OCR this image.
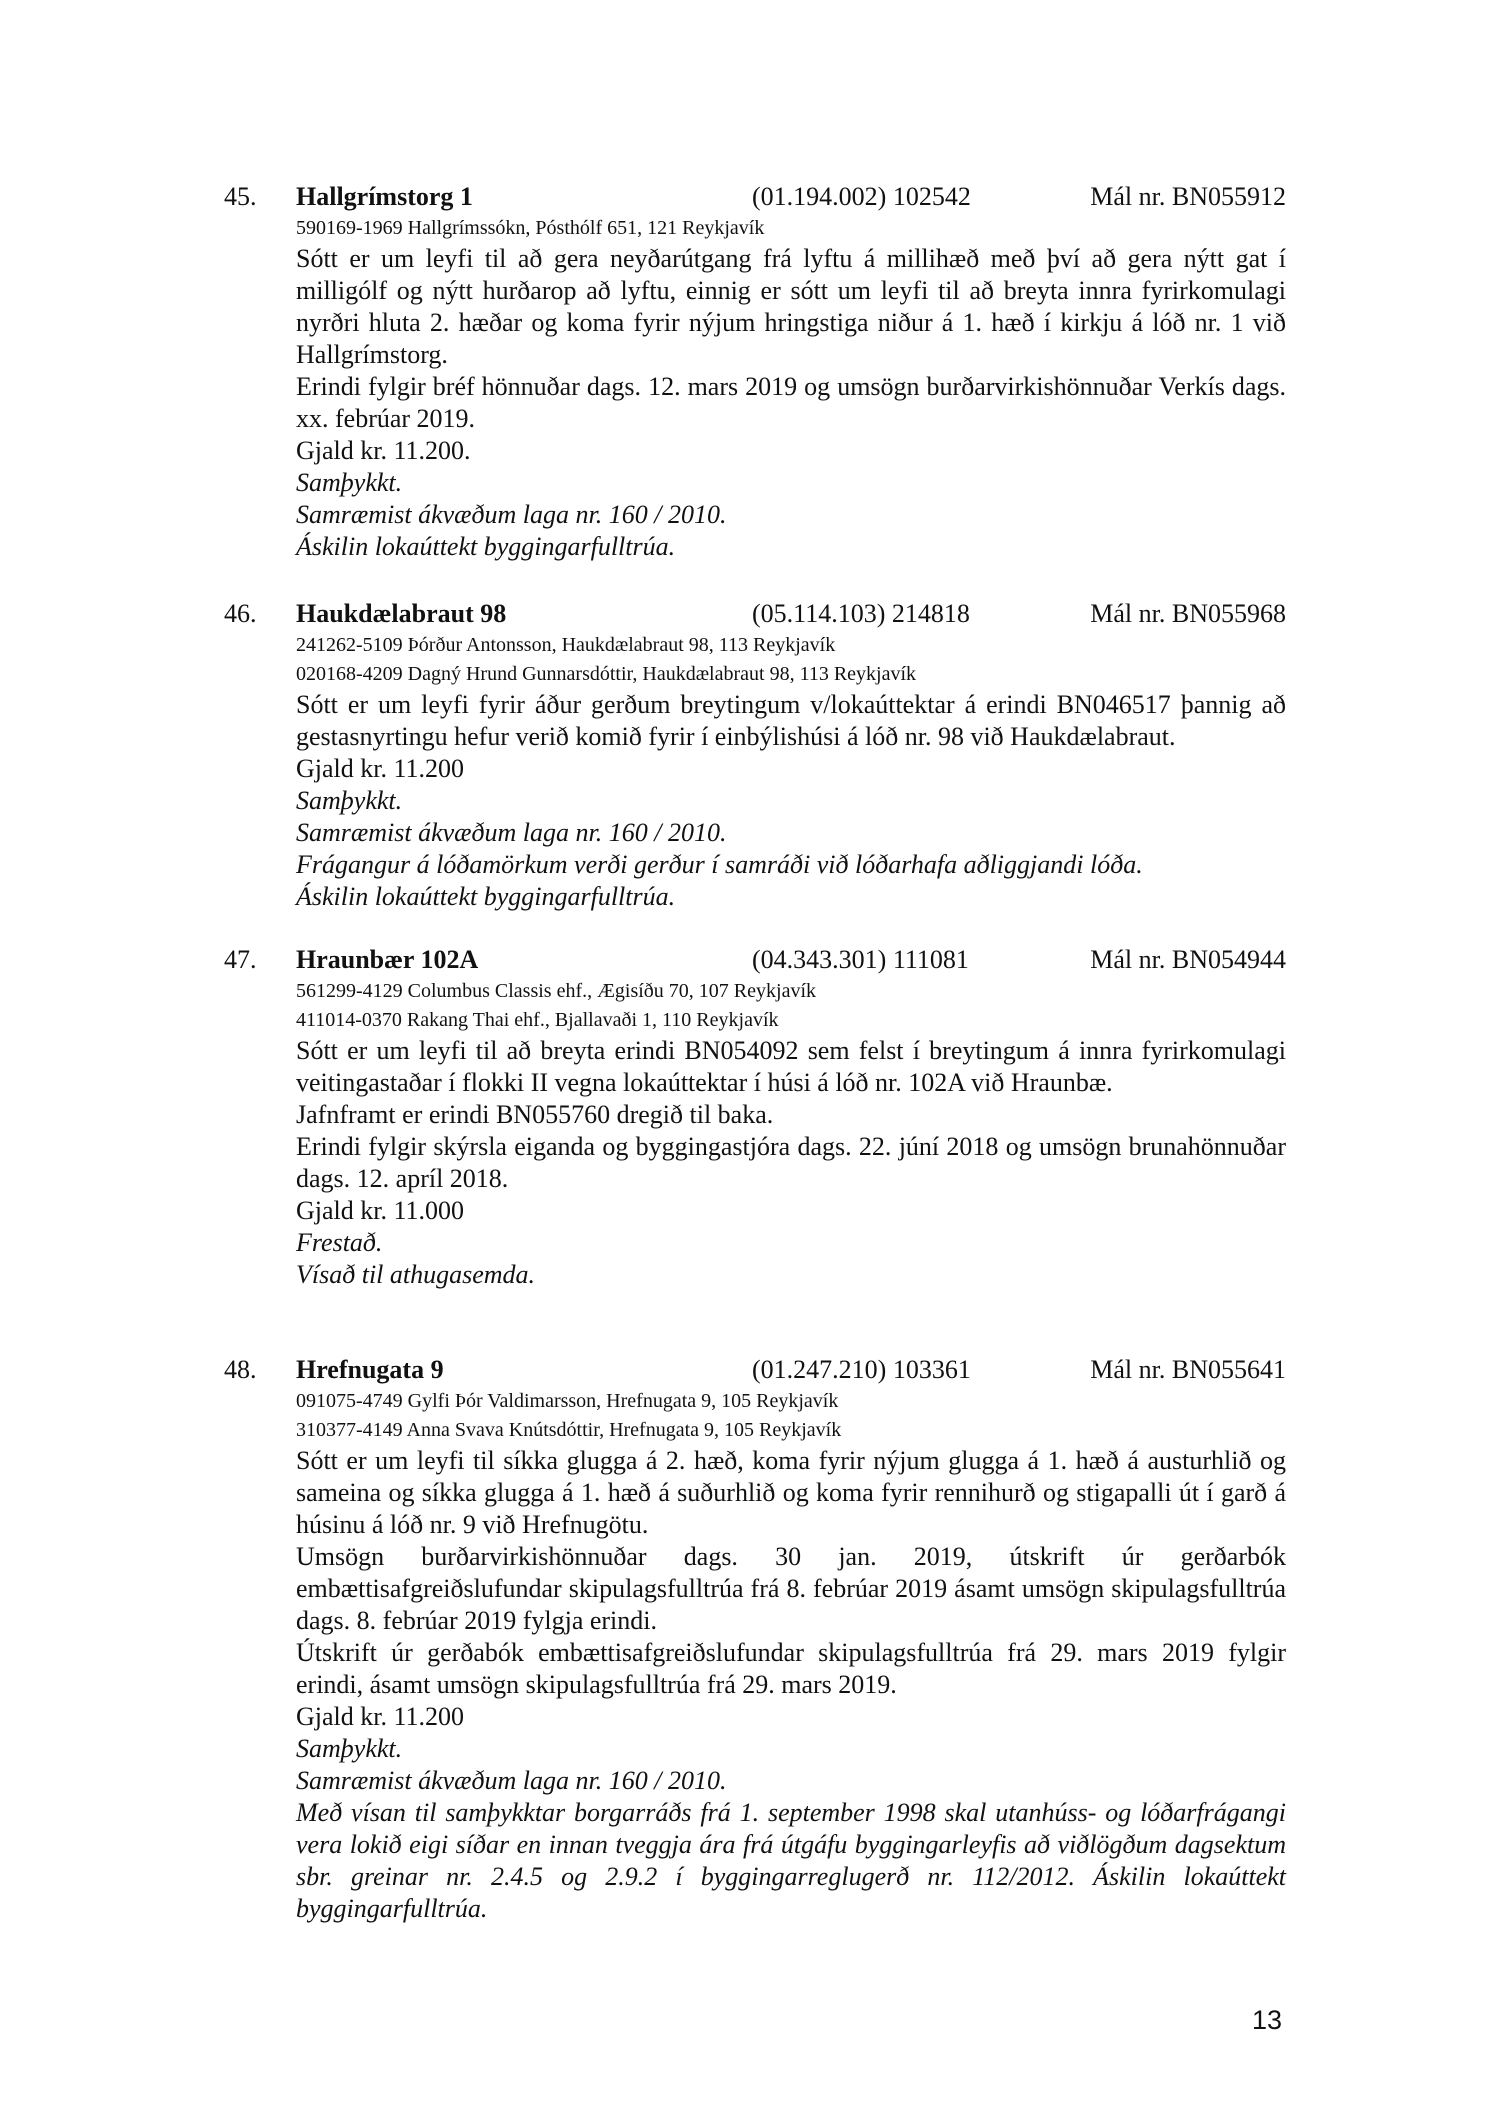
45. Hallgrímstorg 1	(01.194.002) 102542	Mál nr. BN055912
590169-1969 Hallgrímssókn, Pósthólf 651, 121 Reykjavík
Sótt er um leyfi til að gera neyðarútgang frá lyftu á millihæð með því að gera nýtt gat í milligólf og nýtt hurðarop að lyftu, einnig er sótt um leyfi til að breyta innra fyrirkomulagi nyrðri hluta 2. hæðar og koma fyrir nýjum hringstiga niður á 1. hæð í kirkju á lóð nr. 1 við Hallgrímstorg.
Erindi fylgir bréf hönnuðar dags. 12. mars 2019 og umsögn burðarvirkishönnuðar Verkís dags. xx. febrúar 2019.
Gjald kr. 11.200.
Samþykkt.
Samræmist ákvæðum laga nr. 160 / 2010.
Áskilin lokaúttekt byggingarfulltrúa.
46. Haukdælabraut 98	(05.114.103) 214818	Mál nr. BN055968
241262-5109 Þórður Antonsson, Haukdælabraut 98, 113 Reykjavík
020168-4209 Dagný Hrund Gunnarsdóttir, Haukdælabraut 98, 113 Reykjavík
Sótt er um leyfi fyrir áður gerðum breytingum v/lokaúttektar á erindi BN046517 þannig að gestasnyrtingu hefur verið komið fyrir í einbýlishúsi á lóð nr. 98 við Haukdælabraut.
Gjald kr. 11.200
Samþykkt.
Samræmist ákvæðum laga nr. 160 / 2010.
Frágangur á lóðamörkum verði gerður í samráði við lóðarhafa aðliggjandi lóða.
Áskilin lokaúttekt byggingarfulltrúa.
47. Hraunbær 102A	(04.343.301) 111081	Mál nr. BN054944
561299-4129 Columbus Classis ehf., Ægisíðu 70, 107 Reykjavík
411014-0370 Rakang Thai ehf., Bjallavaði 1, 110 Reykjavík
Sótt er um leyfi til að breyta erindi BN054092 sem felst í breytingum á innra fyrirkomulagi veitingastaðar í flokki II vegna lokaúttektar í húsi á lóð nr. 102A við Hraunbæ.
Jafnframt er erindi BN055760 dregið til baka.
Erindi fylgir skýrsla eiganda og byggingastjóra dags. 22. júní 2018 og umsögn brunahönnuðar dags. 12. apríl 2018.
Gjald kr. 11.000
Frestað.
Vísað til athugasemda.
48. Hrefnugata 9	(01.247.210) 103361	Mál nr. BN055641
091075-4749 Gylfi Þór Valdimarsson, Hrefnugata 9, 105 Reykjavík
310377-4149 Anna Svava Knútsdóttir, Hrefnugata 9, 105 Reykjavík
Sótt er um leyfi til síkka glugga á 2. hæð, koma fyrir nýjum glugga á 1. hæð á austurhlið og sameina og síkka glugga á 1. hæð á suðurhlið og koma fyrir rennihurð og stigapalli út í garð á húsinu á lóð nr. 9 við Hrefnugötu.
Umsögn burðarvirkishönnuðar dags. 30 jan. 2019, útskrift úr gerðarbók embættisafgreiðslufundar skipulagsfulltrúa frá 8. febrúar 2019 ásamt umsögn skipulagsfulltrúa dags. 8. febrúar 2019 fylgja erindi.
Útskrift úr gerðabók embættisafgreiðslufundar skipulagsfulltrúa frá 29. mars 2019 fylgir erindi, ásamt umsögn skipulagsfulltrúa frá 29. mars 2019.
Gjald kr. 11.200
Samþykkt.
Samræmist ákvæðum laga nr. 160 / 2010.
Með vísan til samþykktar borgarráðs frá 1. september 1998 skal utanhúss- og lóðarfrágangi vera lokið eigi síðar en innan tveggja ára frá útgáfu byggingarleyfis að viðlögðum dagsektum sbr. greinar nr. 2.4.5 og 2.9.2 í byggingarreglugerð nr. 112/2012. Áskilin lokaúttekt byggingarfulltrúa.
13
